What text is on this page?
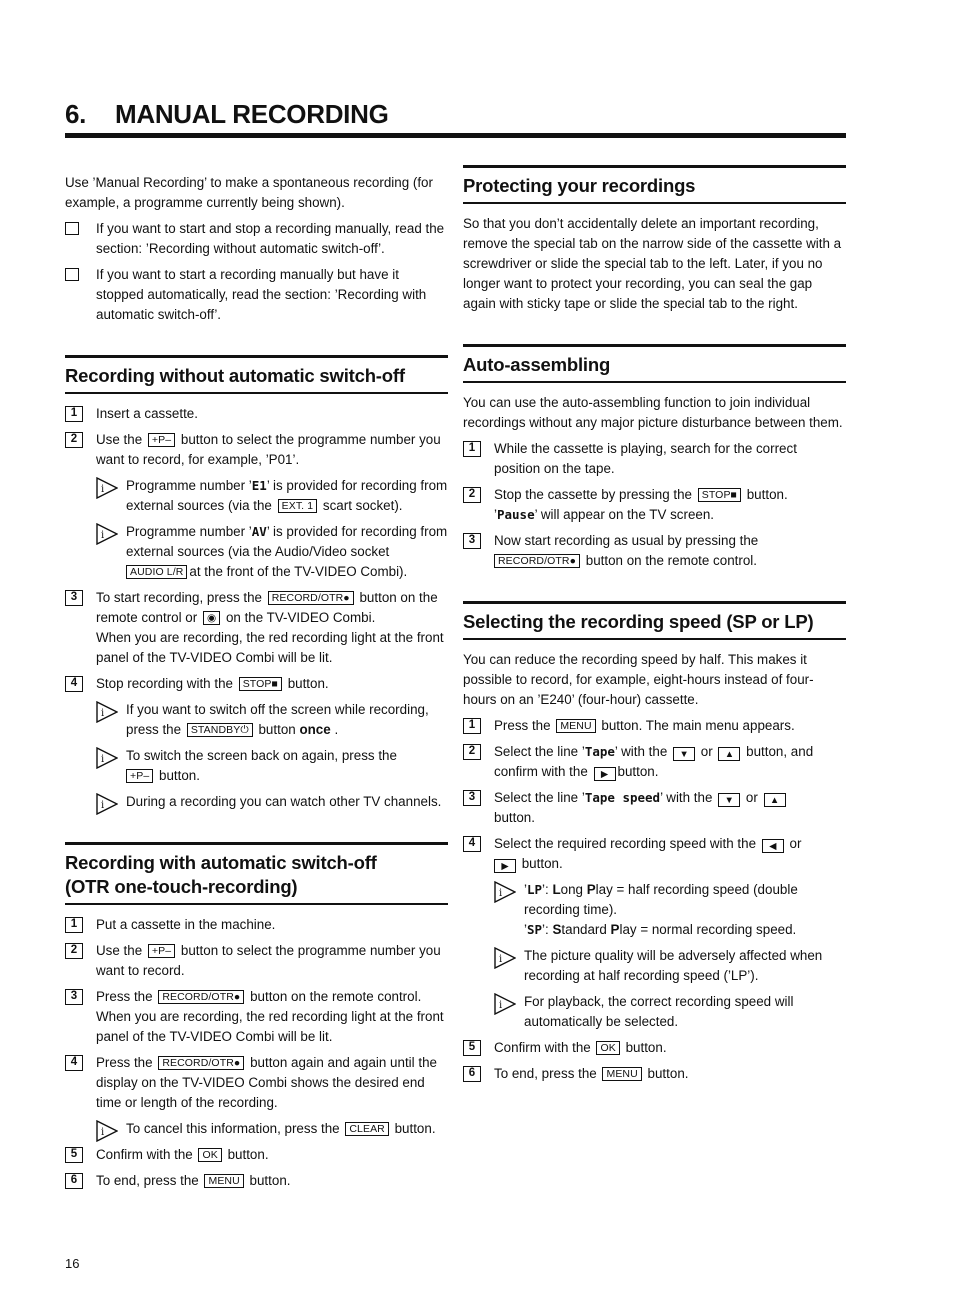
6. MANUAL RECORDING

Use ’Manual Recording’ to make a spontaneous recording (for example, a programme currently being shown).

If you want to start and stop a recording manually, read the section: ’Recording without automatic switch-off’.
If you want to start a recording manually but have it stopped automatically, read the section: ’Recording with automatic switch-off’.
Recording without automatic switch-off
1	Insert a cassette.
2	Use the +P– button to select the programme number you want to record, for example, ’P01’.
i Programme number ’E1’ is provided for recording from external sources (via the EXT. 1 scart socket).
i Programme number ’AV’ is provided for recording from external sources (via the Audio/Video socket AUDIO L/R at the front of the TV-VIDEO Combi).
3	To start recording, press the RECORD/OTR● button on the remote control or ◉ on the TV-VIDEO Combi.
When you are recording, the red recording light at the front panel of the TV-VIDEO Combi will be lit.
4	Stop recording with the STOP■ button.
i If you want to switch off the screen while recording, press the STANDBY⏻ button once .
i To switch the screen back on again, press the
+P– button.
i During a recording you can watch other TV channels.
Recording with automatic switch-off
(OTR one-touch-recording)
1	Put a cassette in the machine.
2	Use the +P– button to select the programme number you want to record.
3	Press the RECORD/OTR● button on the remote control.
When you are recording, the red recording light at the front panel of the TV-VIDEO Combi will be lit.
4	Press the RECORD/OTR● button again and again until the display on the TV-VIDEO Combi shows the desired end time or length of the recording.
i To cancel this information, press the CLEAR button.
5	Confirm with the OK button.
6	To end, press the MENU button.
Protecting your recordings

So that you don’t accidentally delete an important recording, remove the special tab on the narrow side of the cassette with a screwdriver or slide the special tab to the left. Later, if you no longer want to protect your recording, you can seal the gap again with sticky tape or slide the special tab to the right.

Auto-assembling

You can use the auto-assembling function to join individual recordings without any major picture disturbance between them.

1	While the cassette is playing, search for the correct position on the tape.
2	Stop the cassette by pressing the STOP■ button.
’Pause’ will appear on the TV screen.
3	Now start recording as usual by pressing the
RECORD/OTR● button on the remote control.
Selecting the recording speed (SP or LP)

You can reduce the recording speed by half. This makes it possible to record, for example, eight-hours instead of four-hours on an ’E240’ (four-hour) cassette.

1	Press the MENU button. The main menu appears.
2	Select the line ’Tape’ with the ▼ or ▲ button, and confirm with the ▶ button.
3	Select the line ’Tape speed’ with the ▼ or ▲
button.
4	Select the required recording speed with the ◀ or
▶ button.
i ’LP’: Long Play = half recording speed (double recording time).
’SP’: Standard Play = normal recording speed.
i The picture quality will be adversely affected when recording at half recording speed (’LP’).
i For playback, the correct recording speed will automatically be selected.
5	Confirm with the OK button.
6	To end, press the MENU button.
16
